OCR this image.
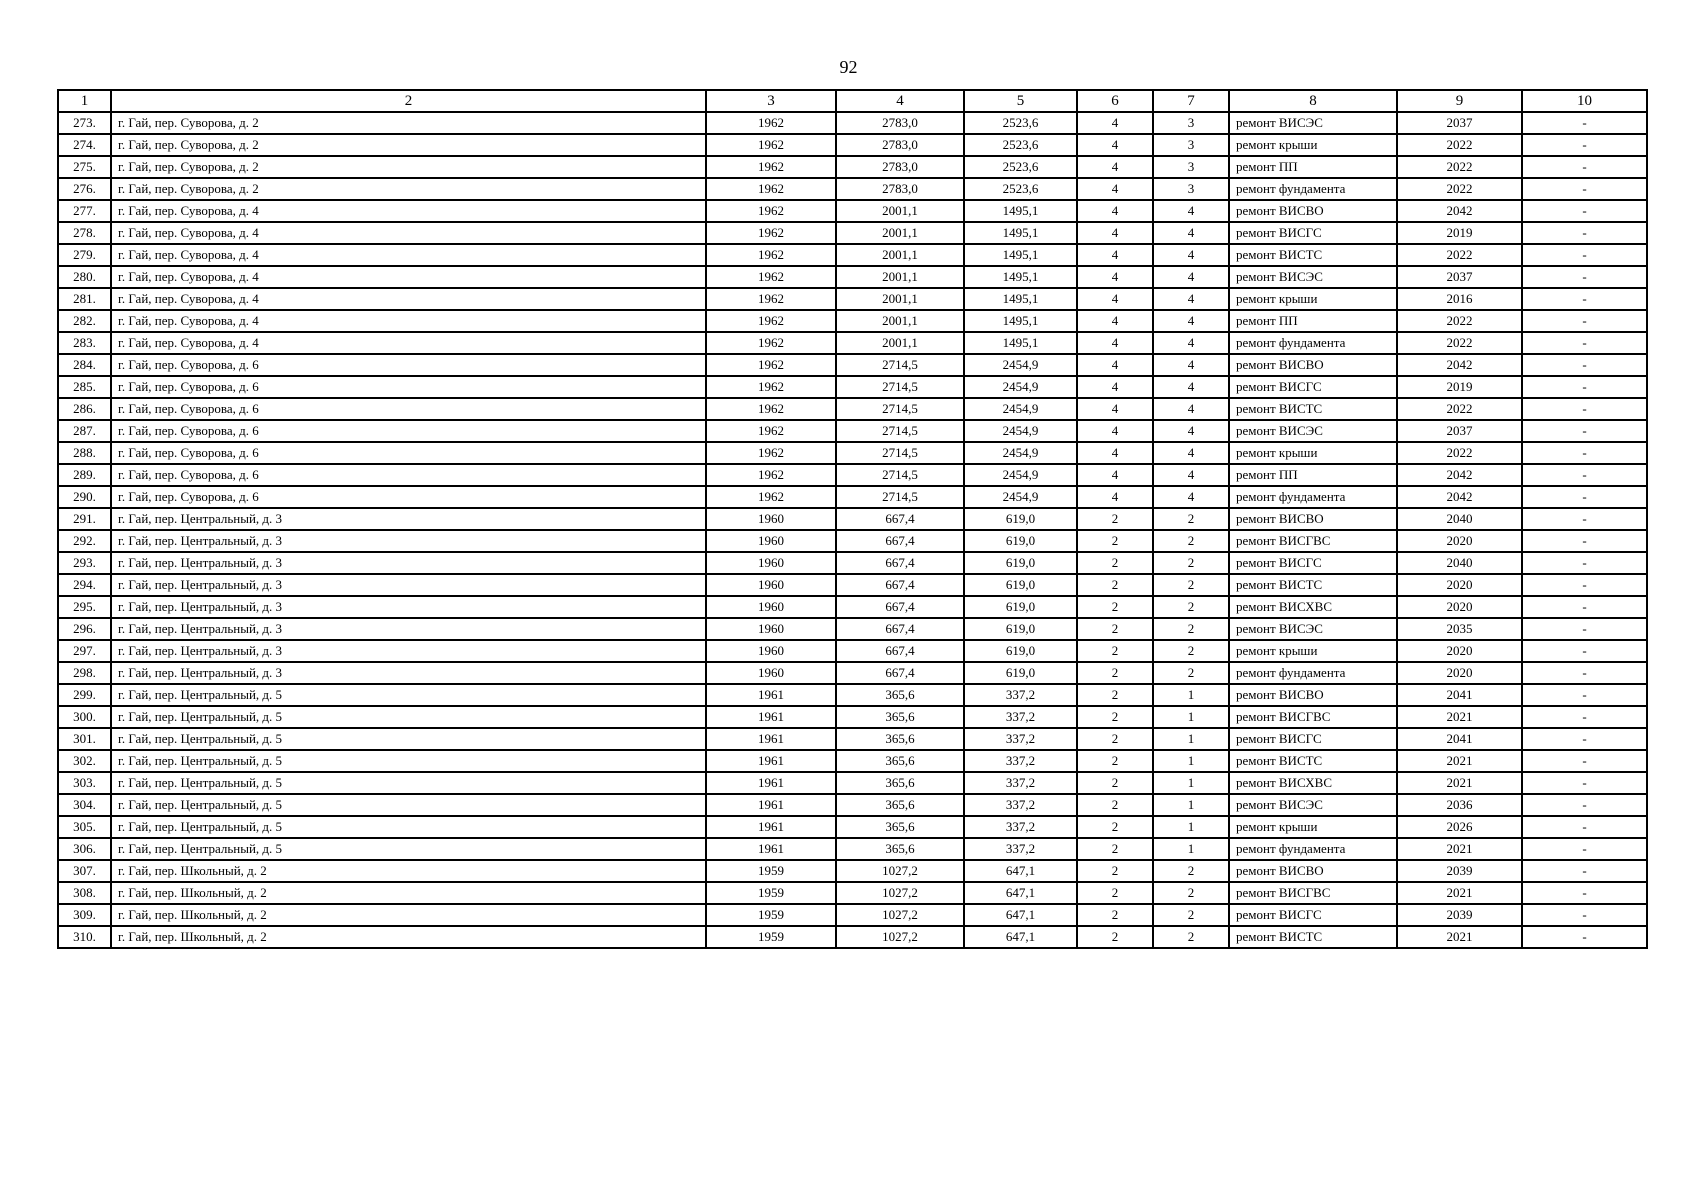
92
1	2	3	4	5	6	7	8	9	10
273.	г. Гай, пер. Суворова, д. 2	1962	2783,0	2523,6	4	3	ремонт ВИСЭС	2037	-
274.	г. Гай, пер. Суворова, д. 2	1962	2783,0	2523,6	4	3	ремонт крыши	2022	-
275.	г. Гай, пер. Суворова, д. 2	1962	2783,0	2523,6	4	3	ремонт ПП	2022	-
276.	г. Гай, пер. Суворова, д. 2	1962	2783,0	2523,6	4	3	ремонт фундамента	2022	-
277.	г. Гай, пер. Суворова, д. 4	1962	2001,1	1495,1	4	4	ремонт ВИСВО	2042	-
278.	г. Гай, пер. Суворова, д. 4	1962	2001,1	1495,1	4	4	ремонт ВИСГС	2019	-
279.	г. Гай, пер. Суворова, д. 4	1962	2001,1	1495,1	4	4	ремонт ВИСТС	2022	-
280.	г. Гай, пер. Суворова, д. 4	1962	2001,1	1495,1	4	4	ремонт ВИСЭС	2037	-
281.	г. Гай, пер. Суворова, д. 4	1962	2001,1	1495,1	4	4	ремонт крыши	2016	-
282.	г. Гай, пер. Суворова, д. 4	1962	2001,1	1495,1	4	4	ремонт ПП	2022	-
283.	г. Гай, пер. Суворова, д. 4	1962	2001,1	1495,1	4	4	ремонт фундамента	2022	-
284.	г. Гай, пер. Суворова, д. 6	1962	2714,5	2454,9	4	4	ремонт ВИСВО	2042	-
285.	г. Гай, пер. Суворова, д. 6	1962	2714,5	2454,9	4	4	ремонт ВИСГС	2019	-
286.	г. Гай, пер. Суворова, д. 6	1962	2714,5	2454,9	4	4	ремонт ВИСТС	2022	-
287.	г. Гай, пер. Суворова, д. 6	1962	2714,5	2454,9	4	4	ремонт ВИСЭС	2037	-
288.	г. Гай, пер. Суворова, д. 6	1962	2714,5	2454,9	4	4	ремонт крыши	2022	-
289.	г. Гай, пер. Суворова, д. 6	1962	2714,5	2454,9	4	4	ремонт ПП	2042	-
290.	г. Гай, пер. Суворова, д. 6	1962	2714,5	2454,9	4	4	ремонт фундамента	2042	-
291.	г. Гай, пер. Центральный, д. 3	1960	667,4	619,0	2	2	ремонт ВИСВО	2040	-
292.	г. Гай, пер. Центральный, д. 3	1960	667,4	619,0	2	2	ремонт ВИСГВС	2020	-
293.	г. Гай, пер. Центральный, д. 3	1960	667,4	619,0	2	2	ремонт ВИСГС	2040	-
294.	г. Гай, пер. Центральный, д. 3	1960	667,4	619,0	2	2	ремонт ВИСТС	2020	-
295.	г. Гай, пер. Центральный, д. 3	1960	667,4	619,0	2	2	ремонт ВИСХВС	2020	-
296.	г. Гай, пер. Центральный, д. 3	1960	667,4	619,0	2	2	ремонт ВИСЭС	2035	-
297.	г. Гай, пер. Центральный, д. 3	1960	667,4	619,0	2	2	ремонт крыши	2020	-
298.	г. Гай, пер. Центральный, д. 3	1960	667,4	619,0	2	2	ремонт фундамента	2020	-
299.	г. Гай, пер. Центральный, д. 5	1961	365,6	337,2	2	1	ремонт ВИСВО	2041	-
300.	г. Гай, пер. Центральный, д. 5	1961	365,6	337,2	2	1	ремонт ВИСГВС	2021	-
301.	г. Гай, пер. Центральный, д. 5	1961	365,6	337,2	2	1	ремонт ВИСГС	2041	-
302.	г. Гай, пер. Центральный, д. 5	1961	365,6	337,2	2	1	ремонт ВИСТС	2021	-
303.	г. Гай, пер. Центральный, д. 5	1961	365,6	337,2	2	1	ремонт ВИСХВС	2021	-
304.	г. Гай, пер. Центральный, д. 5	1961	365,6	337,2	2	1	ремонт ВИСЭС	2036	-
305.	г. Гай, пер. Центральный, д. 5	1961	365,6	337,2	2	1	ремонт крыши	2026	-
306.	г. Гай, пер. Центральный, д. 5	1961	365,6	337,2	2	1	ремонт фундамента	2021	-
307.	г. Гай, пер. Школьный, д. 2	1959	1027,2	647,1	2	2	ремонт ВИСВО	2039	-
308.	г. Гай, пер. Школьный, д. 2	1959	1027,2	647,1	2	2	ремонт ВИСГВС	2021	-
309.	г. Гай, пер. Школьный, д. 2	1959	1027,2	647,1	2	2	ремонт ВИСГС	2039	-
310.	г. Гай, пер. Школьный, д. 2	1959	1027,2	647,1	2	2	ремонт ВИСТС	2021	-
